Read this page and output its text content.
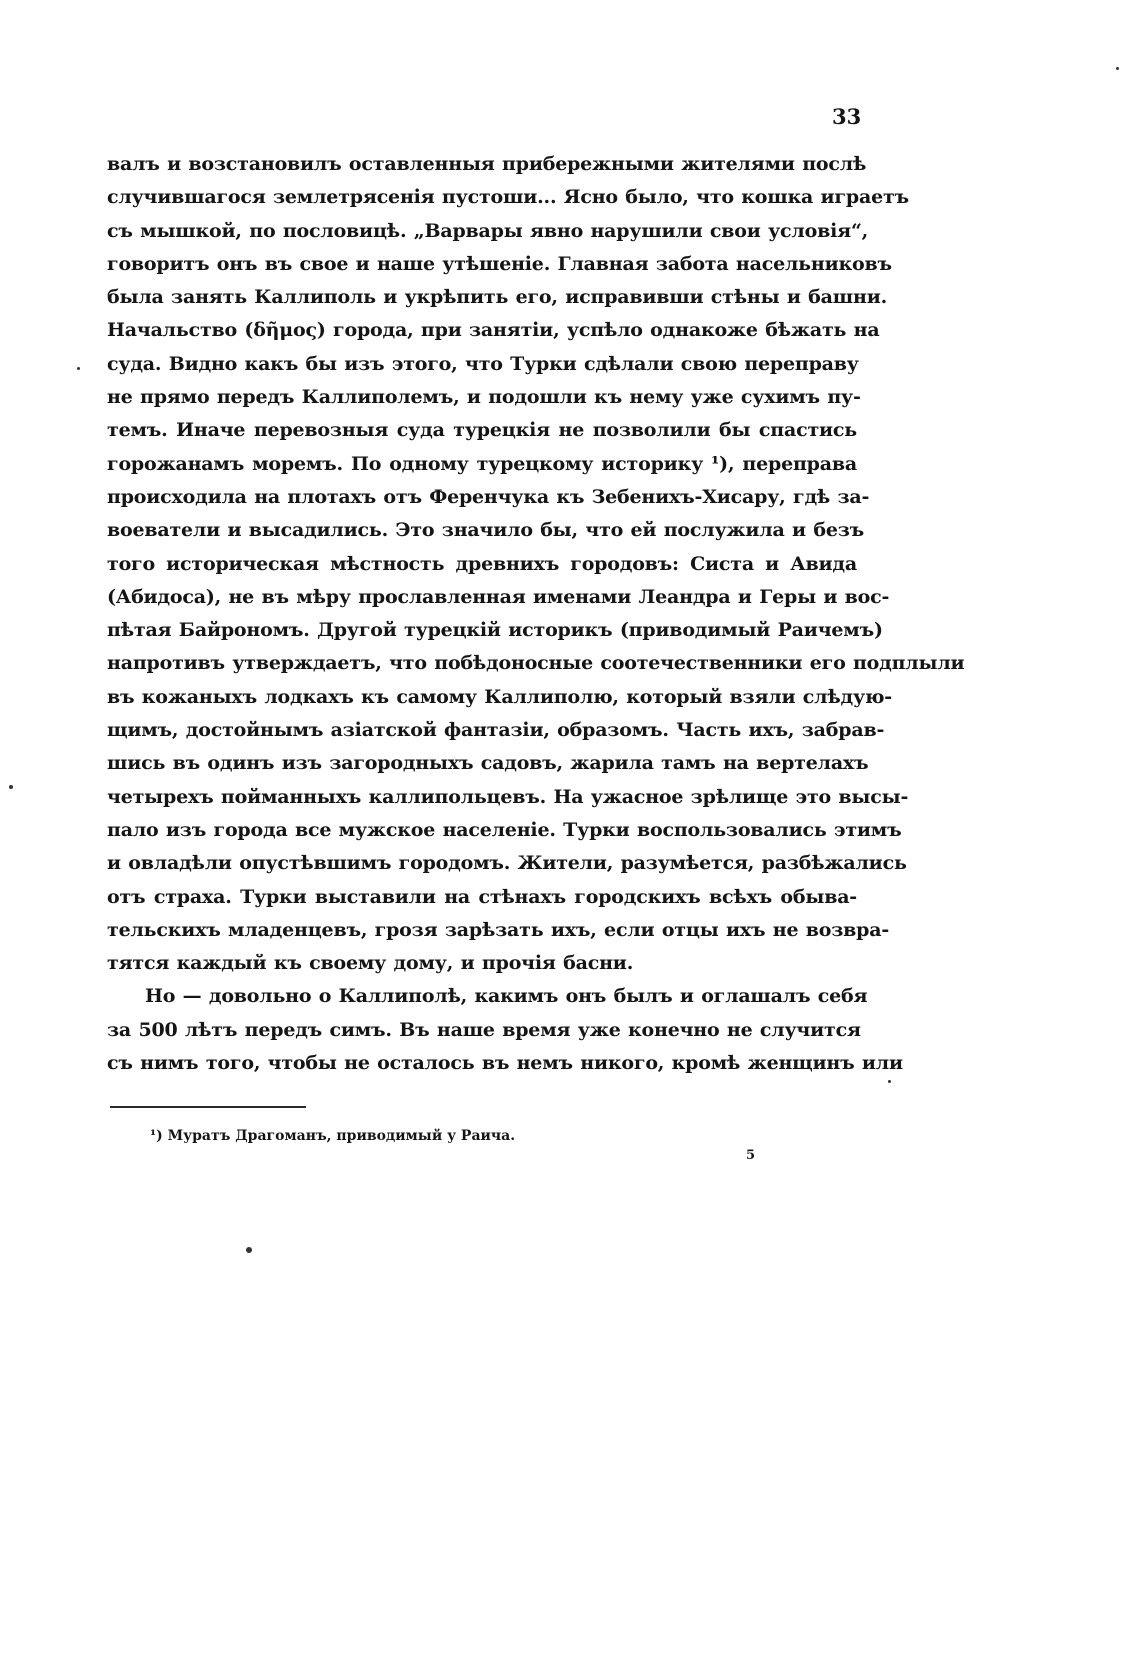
33
валъ и возстановилъ оставленныя прибережными жителями послѣ
случившагося землетрясенія пустоши... Ясно было, что кошка играетъ
съ мышкой, по пословицѣ. „Варвары явно нарушили свои условія“,
говоритъ онъ въ свое и наше утѣшеніе. Главная забота насельниковъ
была занять Каллиполь и укрѣпить его, исправивши стѣны и башни.
Начальство (δῆμος) города, при занятіи, успѣло однакоже бѣжать на
суда. Видно какъ бы изъ этого, что Турки сдѣлали свою переправу
не прямо передъ Каллиполемъ, и подошли къ нему уже сухимъ пу-
темъ. Иначе перевозныя суда турецкія не позволили бы спастись
горожанамъ моремъ. По одному турецкому историку ¹), переправа
происходила на плотахъ отъ Ференчука къ Зебенихъ-Хисару, гдѣ за-
воеватели и высадились. Это значило бы, что ей послужила и безъ
того историческая мѣстность древнихъ городовъ: Систа и Авида
(Абидоса), не въ мѣру прославленная именами Леандра и Геры и вос-
пѣтая Байрономъ. Другой турецкій историкъ (приводимый Раичемъ)
напротивъ утверждаетъ, что побѣдоносные соотечественники его подплыли
въ кожаныхъ лодкахъ къ самому Каллиполю, который взяли слѣдую-
щимъ, достойнымъ азіатской фантазіи, образомъ. Часть ихъ, забрав-
шись въ одинъ изъ загородныхъ садовъ, жарила тамъ на вертелахъ
четырехъ пойманныхъ каллипольцевъ. На ужасное зрѣлище это высы-
пало изъ города все мужское населеніе. Турки воспользовались этимъ
и овладѣли опустѣвшимъ городомъ. Жители, разумѣется, разбѣжались
отъ страха. Турки выставили на стѣнахъ городскихъ всѣхъ обыва-
тельскихъ младенцевъ, грозя зарѣзать ихъ, если отцы ихъ не возвра-
тятся каждый къ своему дому, и прочія басни.
Но — довольно о Каллиполѣ, какимъ онъ былъ и оглашалъ себя
за 500 лѣтъ передъ симъ. Въ наше время уже конечно не случится
съ нимъ того, чтобы не осталось въ немъ никого, кромѣ женщинъ или
¹) Муратъ Драгоманъ, приводимый у Раича.
5
